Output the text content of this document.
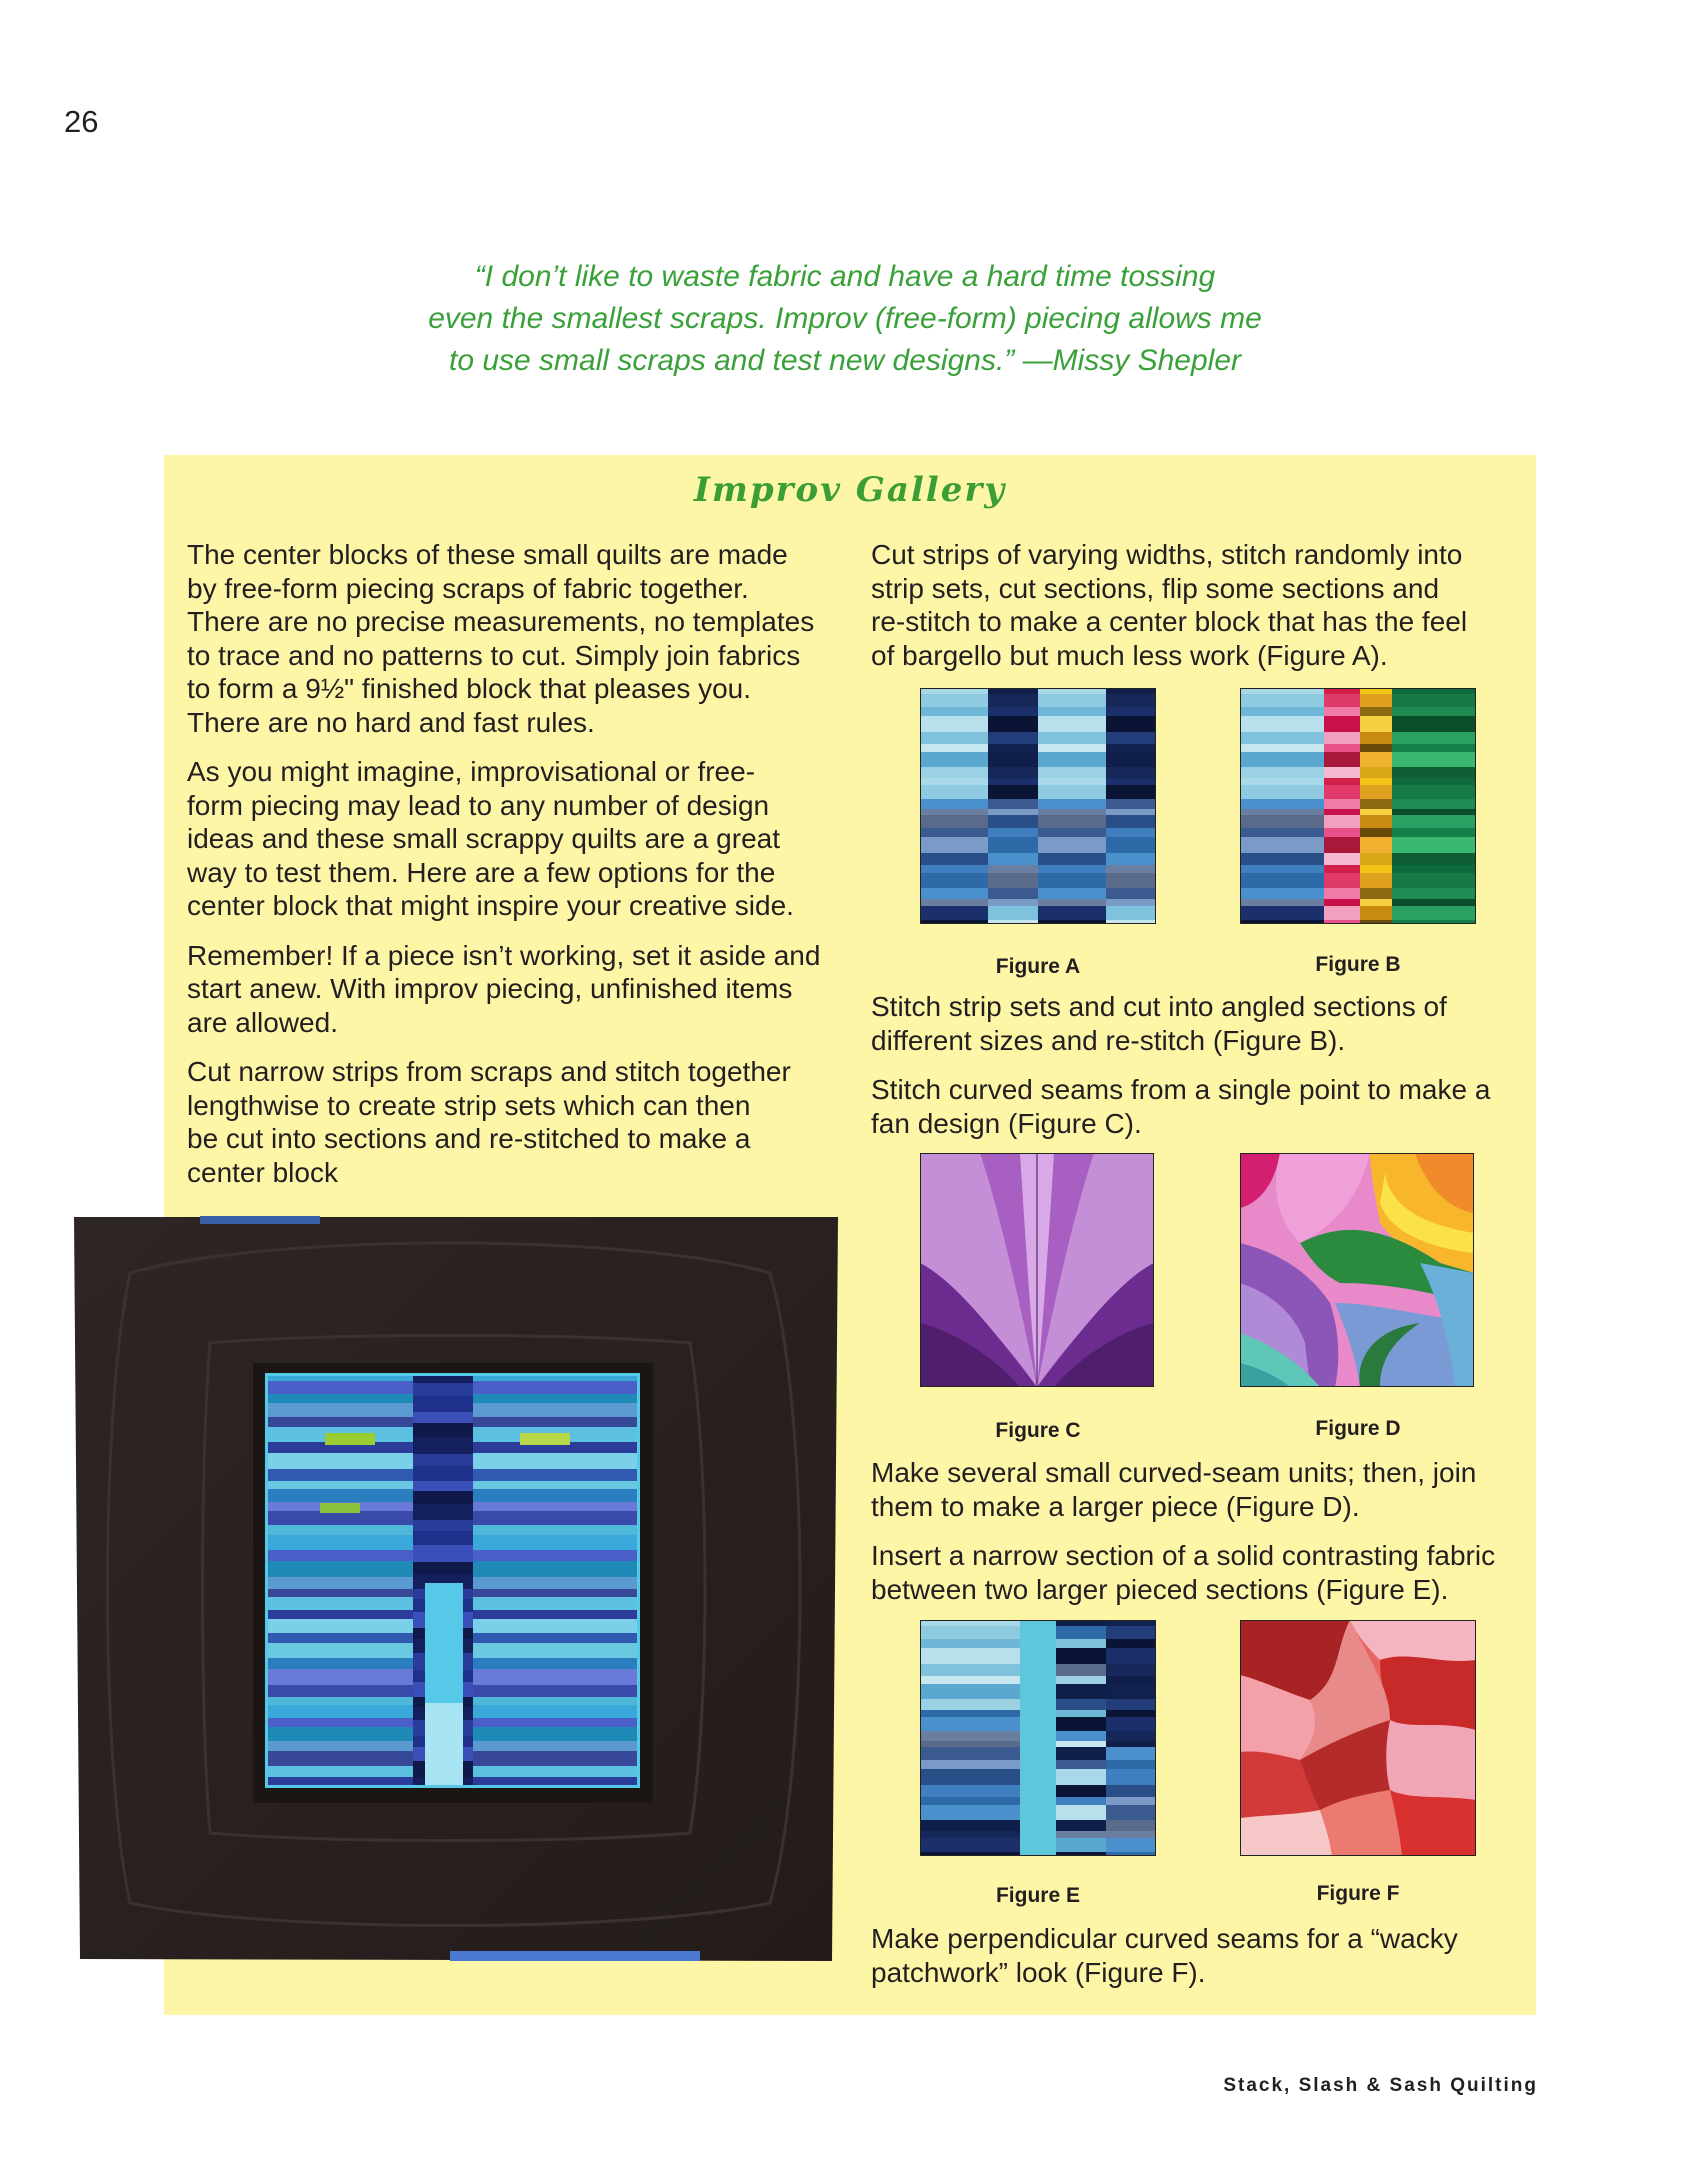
26
“I don’t like to waste fabric and have a hard time tossing
even the smallest scraps. Improv (free-form) piecing allows me
to use small scraps and test new designs.” —Missy Shepler
Improv Gallery
The center blocks of these small quilts are made
by free-form piecing scraps of fabric together.
There are no precise measurements, no templates
to trace and no patterns to cut. Simply join fabrics
to form a 9½" finished block that pleases you.
There are no hard and fast rules.
As you might imagine, improvisational or free-
form piecing may lead to any number of design
ideas and these small scrappy quilts are a great
way to test them. Here are a few options for the
center block that might inspire your creative side.
Remember! If a piece isn’t working, set it aside and
start anew. With improv piecing, unfinished items
are allowed.
Cut narrow strips from scraps and stitch together
lengthwise to create strip sets which can then
be cut into sections and re-stitched to make a
center block
Cut strips of varying widths, stitch randomly into
strip sets, cut sections, flip some sections and
re-stitch to make a center block that has the feel
of bargello but much less work (Figure A).
Figure A	Figure B
Stitch strip sets and cut into angled sections of
different sizes and re-stitch (Figure B).
Stitch curved seams from a single point to make a
fan design (Figure C).
Figure C	Figure D
Make several small curved-seam units; then, join
them to make a larger piece (Figure D).
Insert a narrow section of a solid contrasting fabric
between two larger pieced sections (Figure E).
Figure E	Figure F
Make perpendicular curved seams for a “wacky
patchwork” look (Figure F).
Stack, Slash & Sash Quilting
